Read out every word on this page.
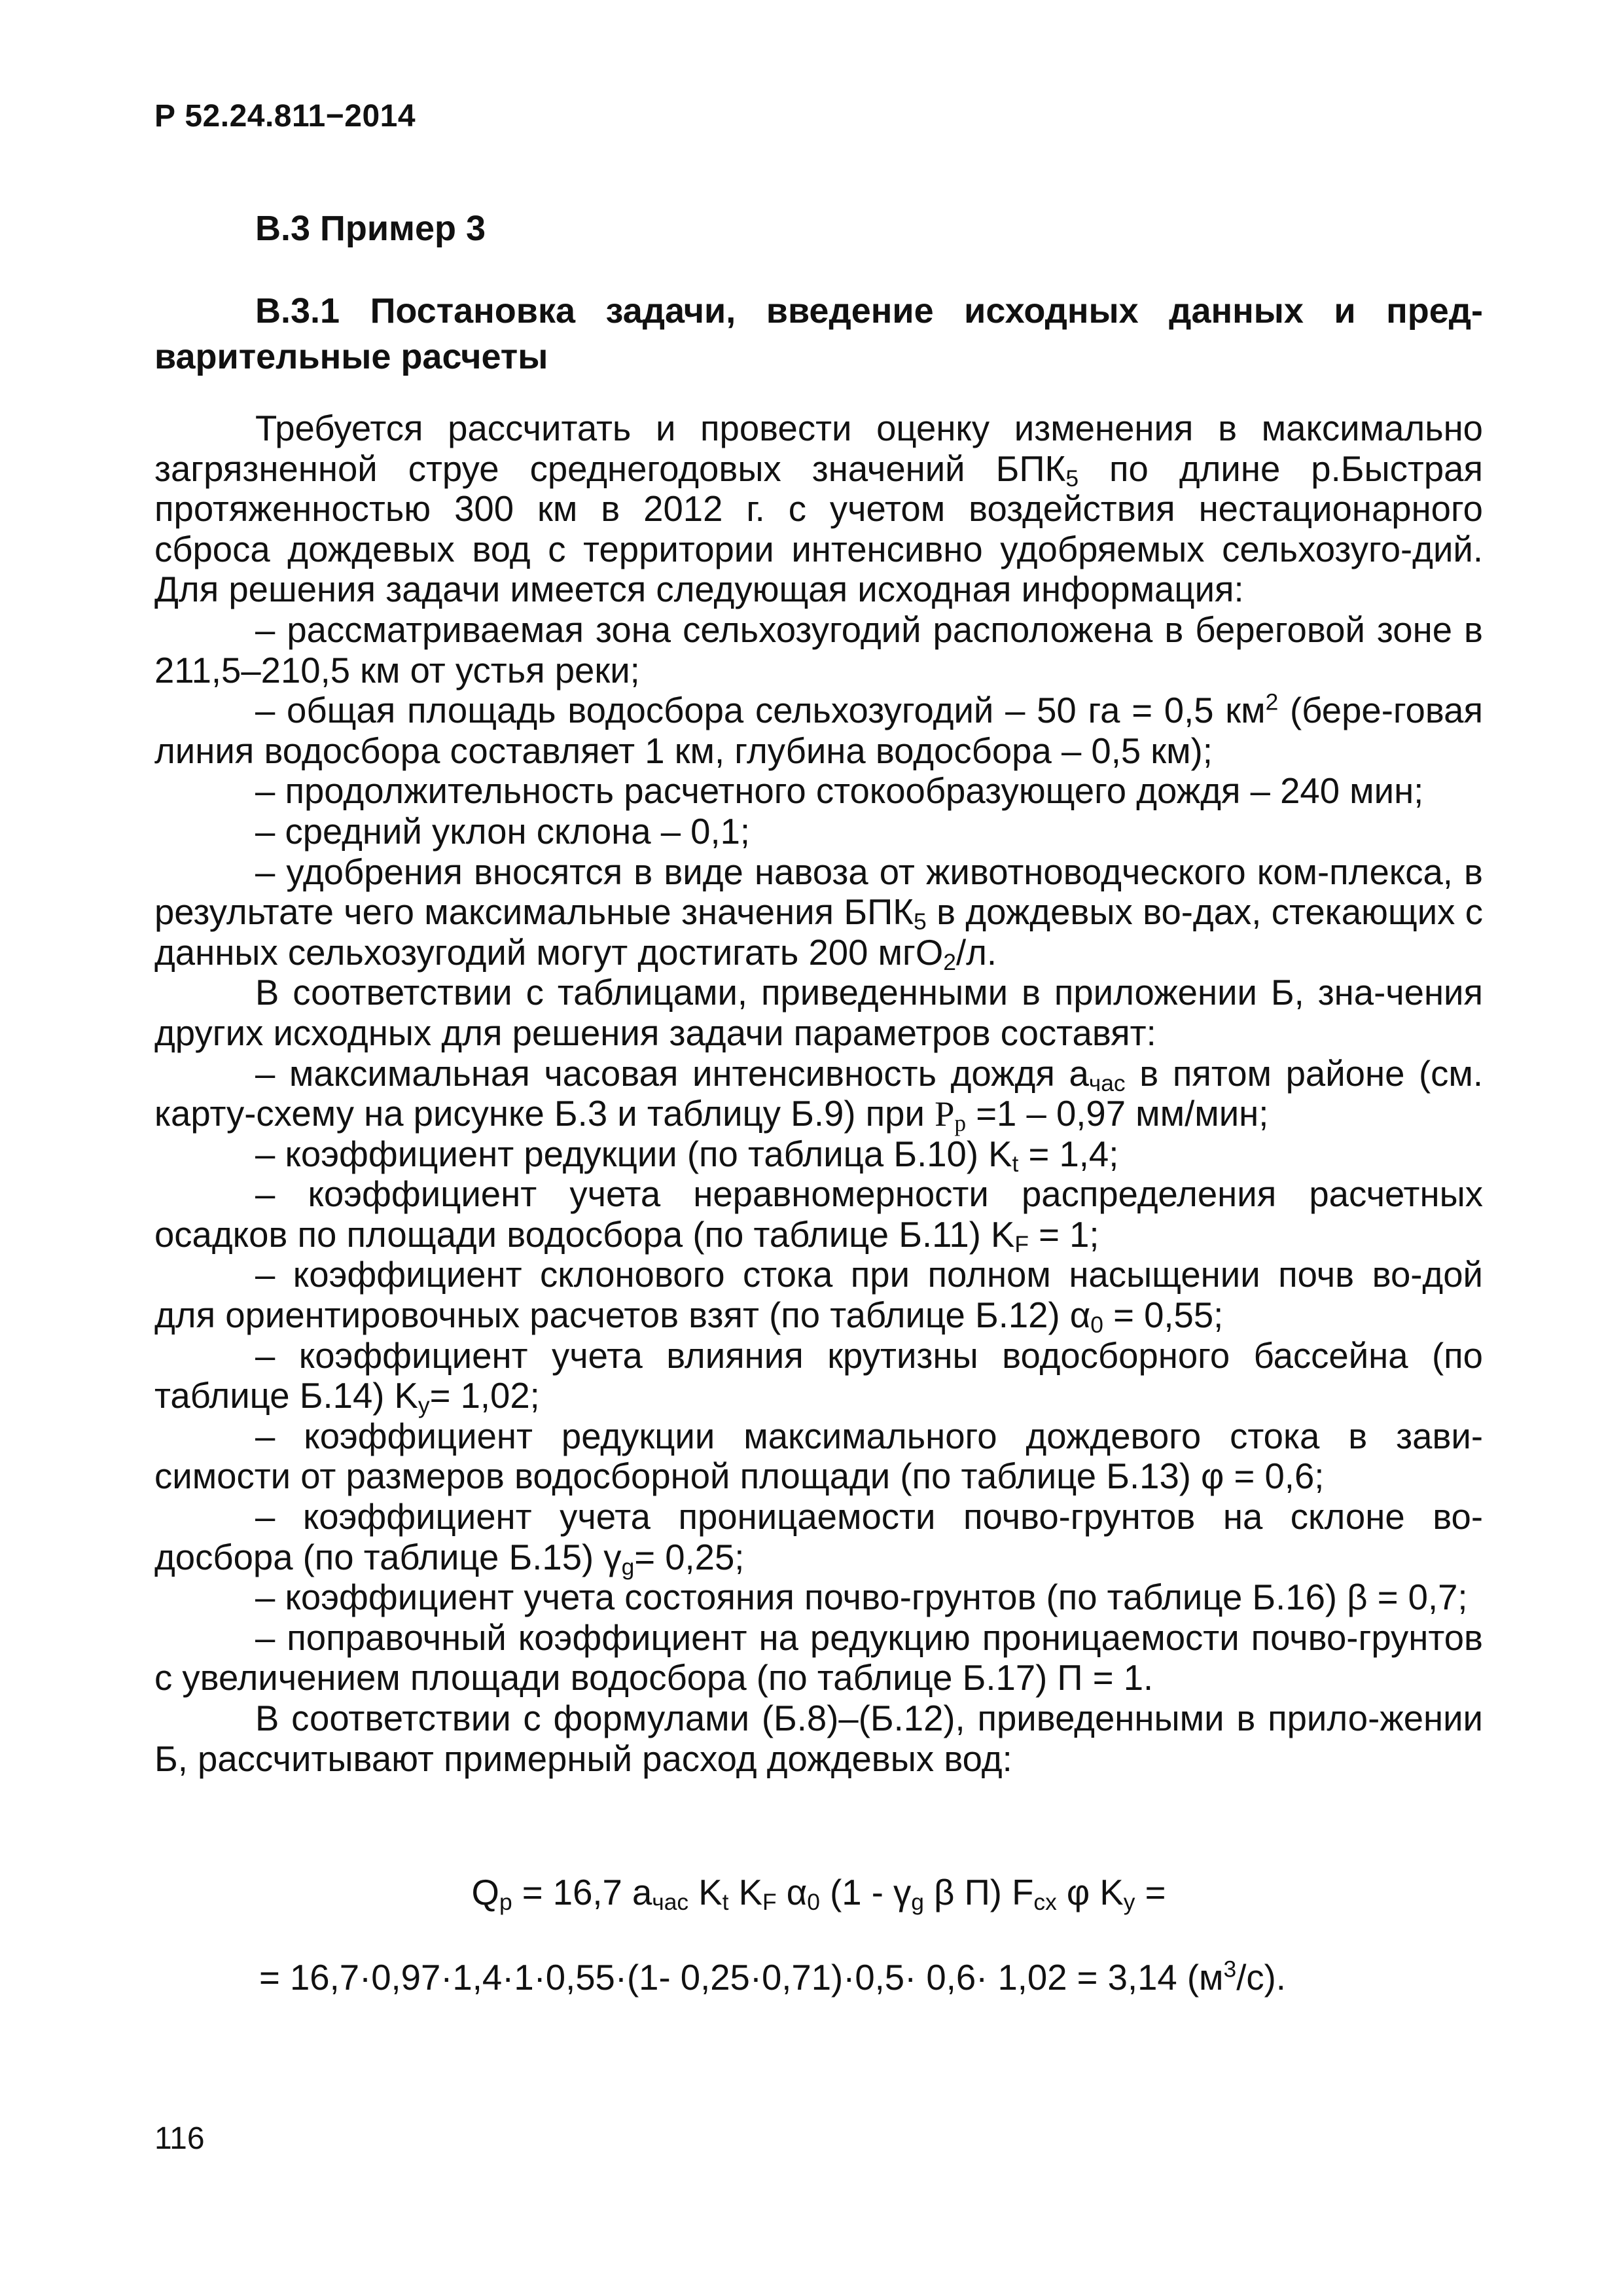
Р 52.24.811−2014
В.3 Пример 3
В.3.1 Постановка задачи, введение исходных данных и пред-варительные расчеты

Требуется рассчитать и провести оценку изменения в максимально загрязненной струе среднегодовых значений $БПК_5$ по длине р.Быстрая протяженностью 300 км в 2012 г. с учетом воздействия нестационарного сброса дождевых вод с территории интенсивно удобряемых сельхозуго-дий. Для решения задачи имеется следующая исходная информация:

– рассматриваемая зона сельхозугодий расположена в береговой зоне в 211,5–210,5 км от устья реки;

– общая площадь водосбора сельхозугодий – 50 га = 0,5 $км^2$ (бере-говая линия водосбора составляет 1 км, глубина водосбора – 0,5 км);

– продолжительность расчетного стокообразующего дождя – 240 мин;

– средний уклон склона – 0,1;

– удобрения вносятся в виде навоза от животноводческого ком-плекса, в результате чего максимальные значения $БПК_5$ в дождевых во-дах, стекающих с данных сельхозугодий могут достигать 200 мгО$_2$/л.

В соответствии с таблицами, приведенными в приложении Б, зна-чения других исходных для решения задачи параметров составят:

– максимальная часовая интенсивность дождя $а_{час}$ в пятом районе (см. карту-схему на рисунке Б.3 и таблицу Б.9) при $P_p =1 - 0,97$ мм/мин;

– коэффициент редукции (по таблица Б.10) $K_t = 1,4$;

– коэффициент учета неравномерности распределения расчетных осадков по площади водосбора (по таблице Б.11) $K_F = 1$;

– коэффициент склонового стока при полном насыщении почв во-дой для ориентировочных расчетов взят (по таблице Б.12) $\alpha_0 = 0,55$;

– коэффициент учета влияния крутизны водосборного бассейна (по таблице Б.14) $K_y= 1,02$;

– коэффициент редукции максимального дождевого стока в зави-симости от размеров водосборной площади (по таблице Б.13) φ = 0,6;

– коэффициент учета проницаемости почво-грунтов на склоне во-досбора (по таблице Б.15) $\gamma_g= 0,25$;

– коэффициент учета состояния почво-грунтов (по таблице Б.16) β = 0,7;

– поправочный коэффициент на редукцию проницаемости почво-грунтов с увеличением площади водосбора (по таблице Б.17) П = 1.

В соответствии с формулами (Б.8)–(Б.12), приведенными в прило-жении Б, рассчитывают примерный расход дождевых вод:

$Q_p = 16,7$ $a_{час}$ $K_t$ $K_F$ $\alpha_0$ ($1 - \gamma_g$ β П) $F_{сх}$ φ $K_y$ =
= 16,7·0,97·1,4·1·0,55·(1- 0,25·0,71)·0,5· 0,6· 1,02 = 3,14 $(м^3/с)$.
116
